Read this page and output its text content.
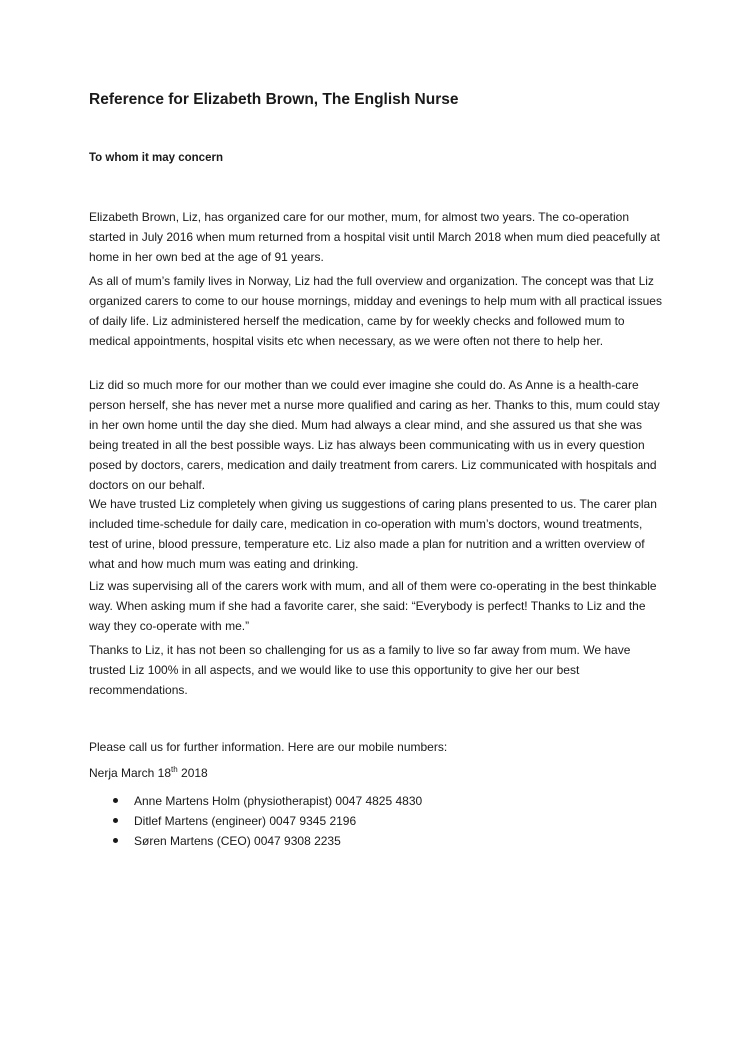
Reference for Elizabeth Brown, The English Nurse

To whom it may concern

Elizabeth Brown, Liz, has organized care for our mother, mum, for almost two years. The co-operation started in July 2016 when mum returned from a hospital visit until March 2018 when mum died peacefully at home in her own bed at the age of 91 years.

As all of mum’s family lives in Norway, Liz had the full overview and organization. The concept was that Liz organized carers to come to our house mornings, midday and evenings to help mum with all practical issues of daily life. Liz administered herself the medication, came by for weekly checks and followed mum to medical appointments, hospital visits etc when necessary, as we were often not there to help her.

Liz did so much more for our mother than we could ever imagine she could do. As Anne is a health-care person herself, she has never met a nurse more qualified and caring as her. Thanks to this, mum could stay in her own home until the day she died. Mum had always a clear mind, and she assured us that she was being treated in all the best possible ways. Liz has always been communicating with us in every question posed by doctors, carers, medication and daily treatment from carers. Liz communicated with hospitals and doctors on our behalf.

We have trusted Liz completely when giving us suggestions of caring plans presented to us. The carer plan included time-schedule for daily care, medication in co-operation with mum’s doctors, wound treatments, test of urine, blood pressure, temperature etc. Liz also made a plan for nutrition and a written overview of what and how much mum was eating and drinking.

Liz was supervising all of the carers work with mum, and all of them were co-operating in the best thinkable way. When asking mum if she had a favorite carer, she said: “Everybody is perfect! Thanks to Liz and the way they co-operate with me.”

Thanks to Liz, it has not been so challenging for us as a family to live so far away from mum. We have trusted Liz 100% in all aspects, and we would like to use this opportunity to give her our best recommendations.

Please call us for further information. Here are our mobile numbers:

Nerja March 18th 2018

Anne Martens Holm (physiotherapist) 0047 4825 4830
Ditlef Martens (engineer) 0047 9345 2196
Søren Martens (CEO) 0047 9308 2235
